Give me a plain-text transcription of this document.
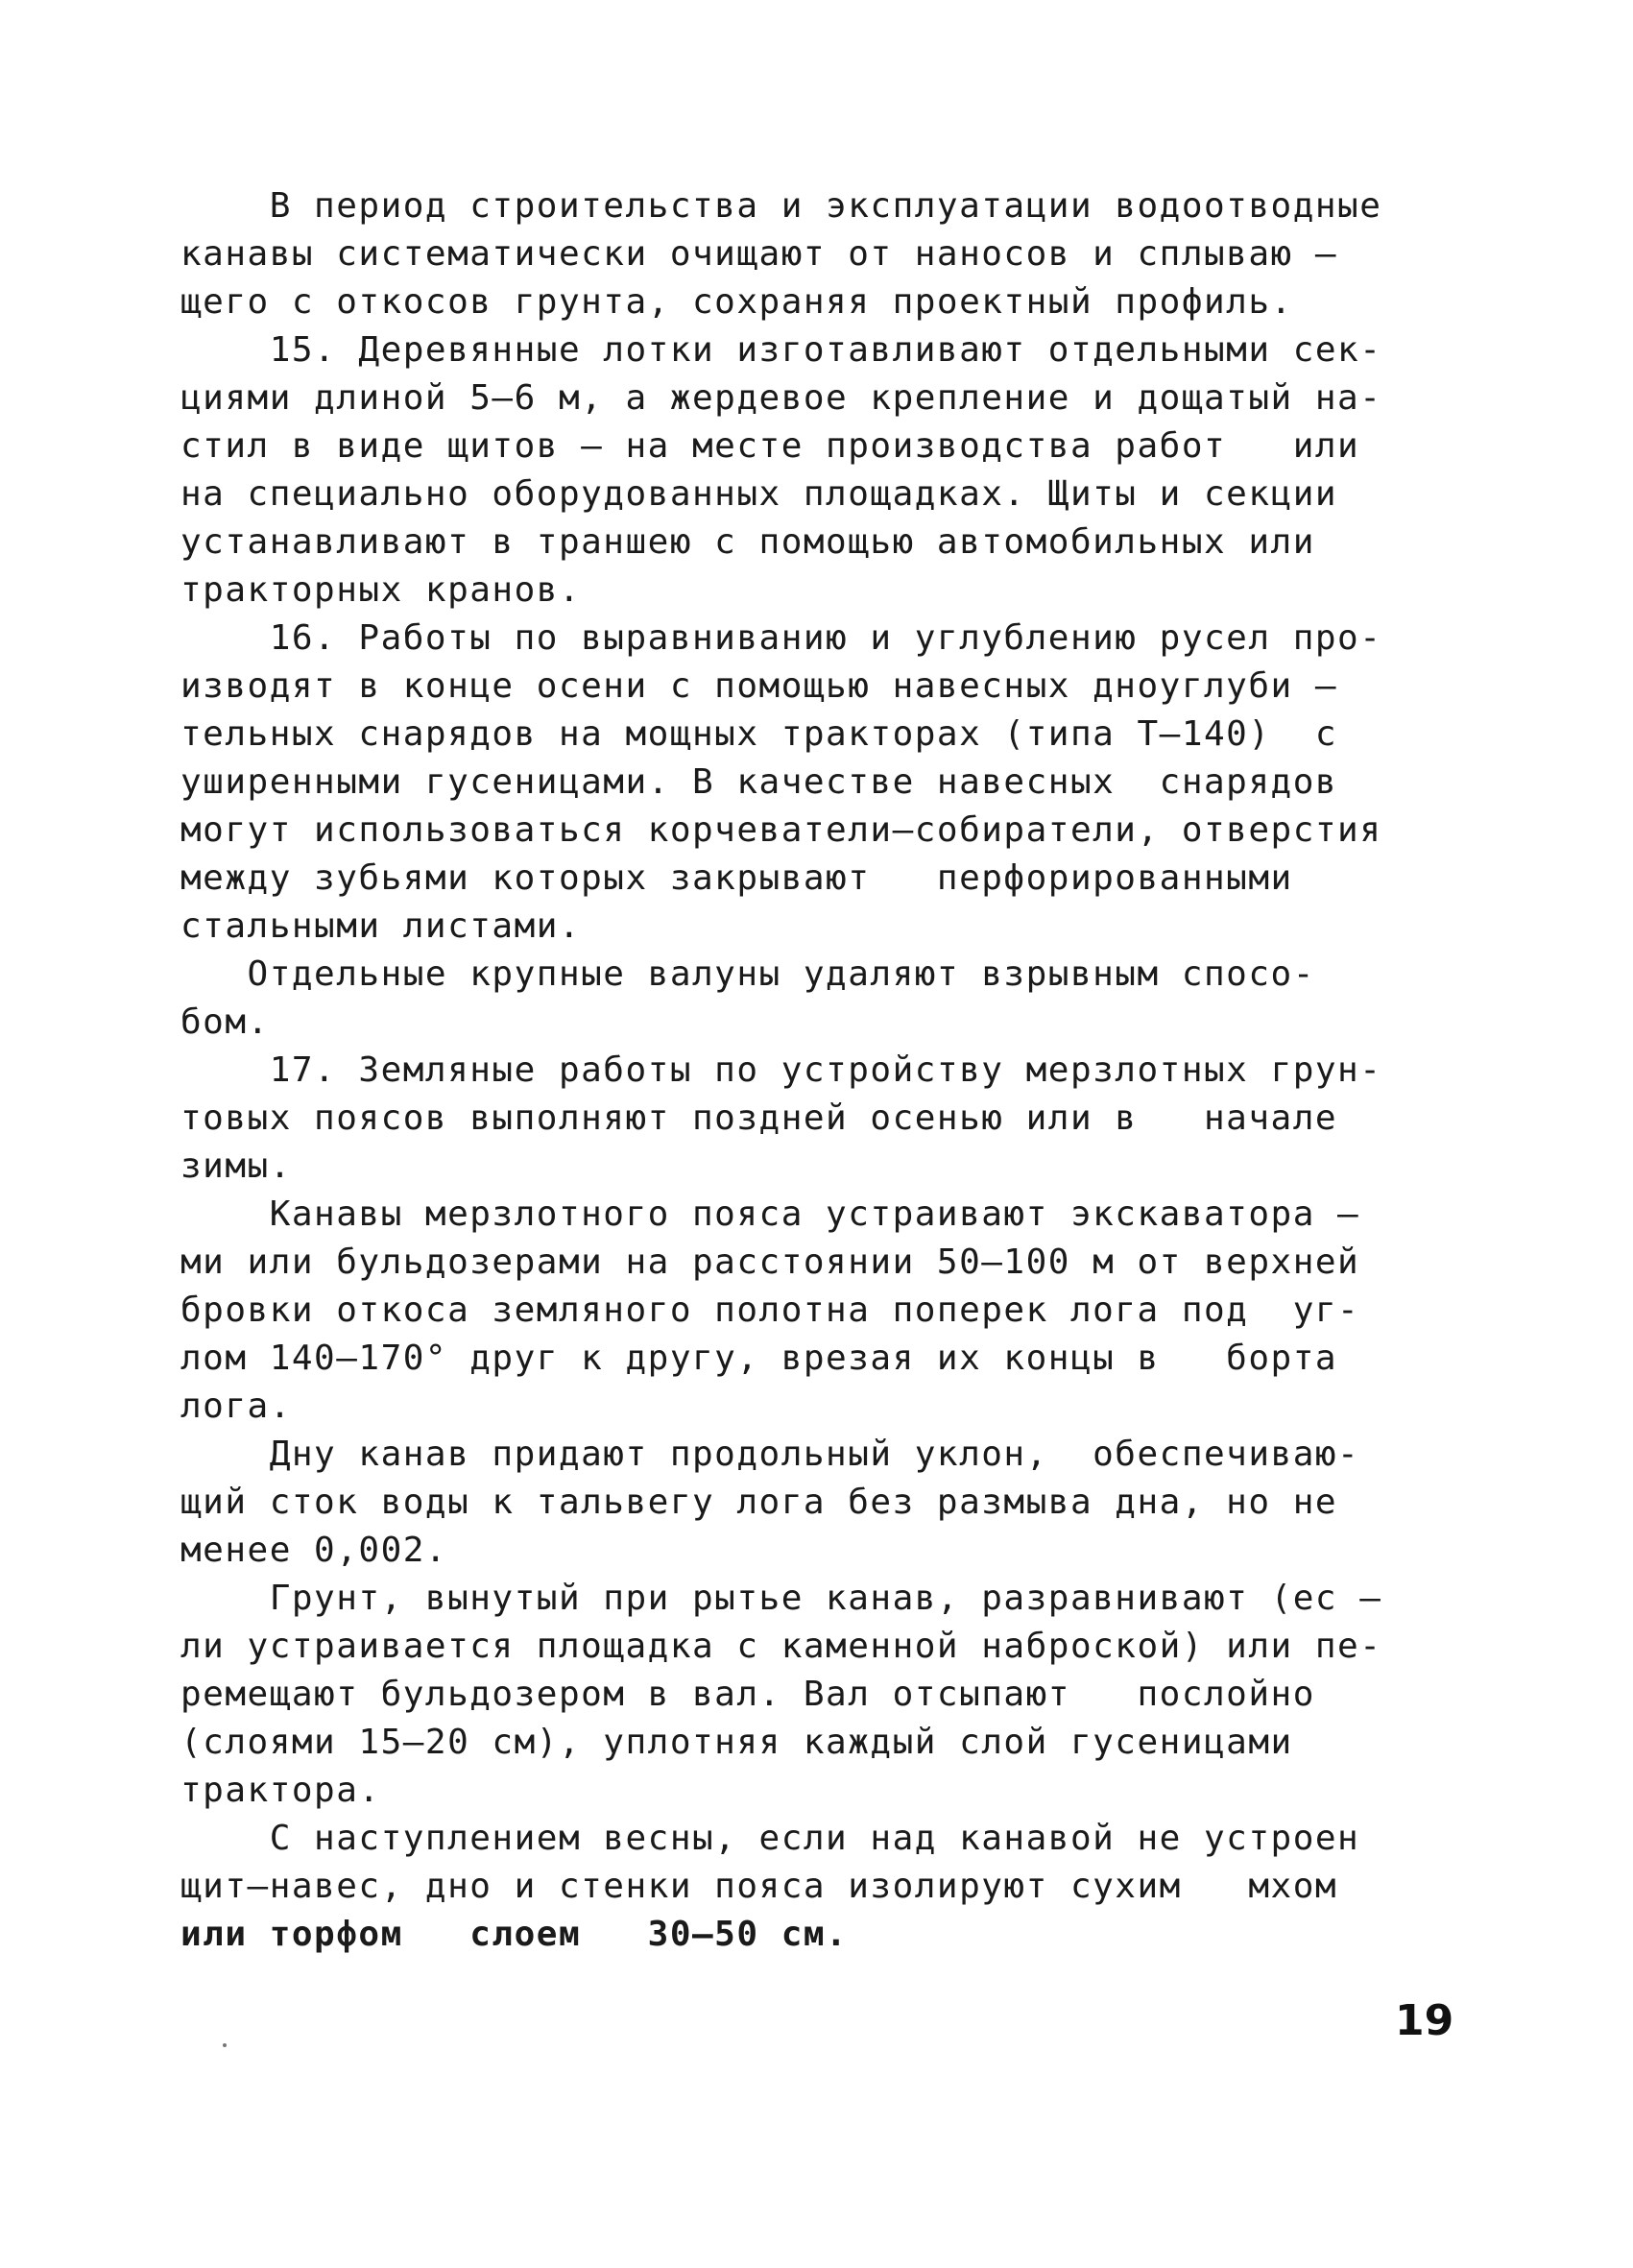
В период строительства и эксплуатации водоотводные
канавы систематически очищают от наносов и сплываю –
щего с откосов грунта, сохраняя проектный профиль.
15. Деревянные лотки изготавливают отдельными сек-
циями длиной 5–6 м, а жердевое крепление и дощатый на-
стил в виде щитов – на месте производства работ   или
на специально оборудованных площадках. Щиты и секции
устанавливают в траншею с помощью автомобильных или
тракторных кранов.
16. Работы по выравниванию и углублению русел про-
изводят в конце осени с помощью навесных дноуглуби –
тельных снарядов на мощных тракторах (типа Т–140)  с
уширенными гусеницами. В качестве навесных  снарядов
могут использоваться корчеватели–собиратели, отверстия
между зубьями которых закрывают   перфорированными
стальными листами.
Отдельные крупные валуны удаляют взрывным спосо-
бом.
17. Земляные работы по устройству мерзлотных грун-
товых поясов выполняют поздней осенью или в   начале
зимы.
Канавы мерзлотного пояса устраивают экскаватора –
ми или бульдозерами на расстоянии 50–100 м от верхней
бровки откоса земляного полотна поперек лога под  уг-
лом 140–170° друг к другу, врезая их концы в   борта
лога.
Дну канав придают продольный уклон,  обеспечиваю-
щий сток воды к тальвегу лога без размыва дна, но не
менее 0,002.
Грунт, вынутый при рытье канав, разравнивают (ес –
ли устраивается площадка с каменной наброской) или пе-
ремещают бульдозером в вал. Вал отсыпают   послойно
(слоями 15–20 см), уплотняя каждый слой гусеницами
трактора.
С наступлением весны, если над канавой не устроен
щит–навес, дно и стенки пояса изолируют сухим   мхом
или торфом   слоем   30–50 см.
19
